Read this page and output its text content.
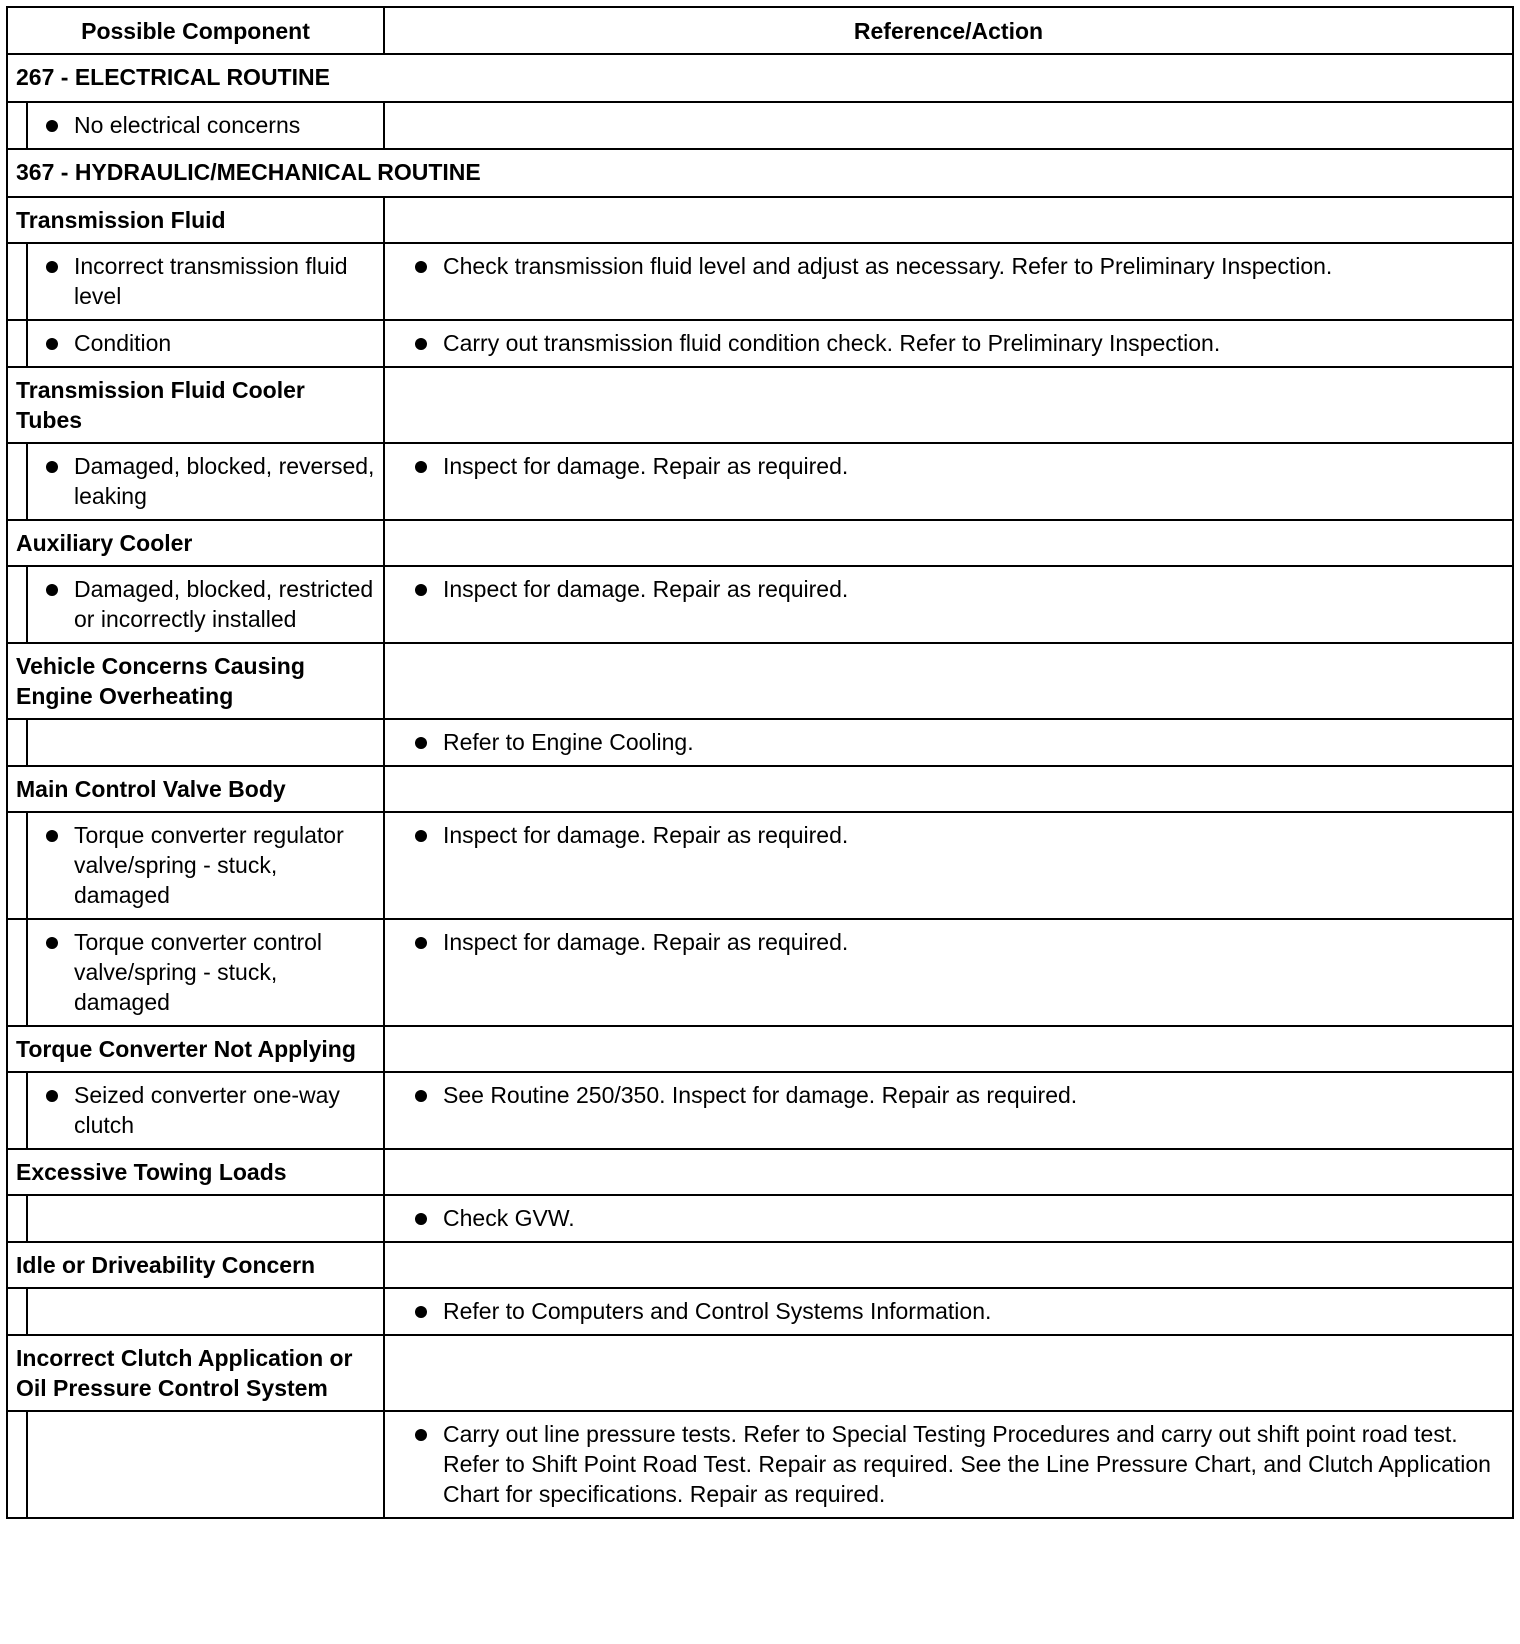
Possible Component		Reference/Action
267 - ELECTRICAL ROUTINE		

	No electrical concerns	

367 - HYDRAULIC/MECHANICAL ROUTINE		
Transmission Fluid		

	Incorrect transmission fluid level	Check transmission fluid level and adjust as necessary. Refer to Preliminary Inspection.

	Condition	Carry out transmission fluid condition check. Refer to Preliminary Inspection.

Transmission Fluid Cooler Tubes		

	Damaged, blocked, reversed, leaking	Inspect for damage. Repair as required.

Auxiliary Cooler		

	Damaged, blocked, restricted or incorrectly installed	Inspect for damage. Repair as required.

Vehicle Concerns Causing Engine Overheating		

		Refer to Engine Cooling.

Main Control Valve Body		

	Torque converter regulator valve/spring - stuck, damaged	Inspect for damage. Repair as required.

	Torque converter control valve/spring - stuck, damaged	Inspect for damage. Repair as required.

Torque Converter Not Applying		

	Seized converter one-way clutch	See Routine 250/350. Inspect for damage. Repair as required.

Excessive Towing Loads		

		Check GVW.

Idle or Driveability Concern		

		Refer to Computers and Control Systems Information.

Incorrect Clutch Application or Oil Pressure Control System		

		Carry out line pressure tests. Refer to Special Testing Procedures and carry out shift point road test. Refer to Shift Point Road Test. Repair as required. See the Line Pressure Chart, and Clutch Application Chart for specifications. Repair as required.
